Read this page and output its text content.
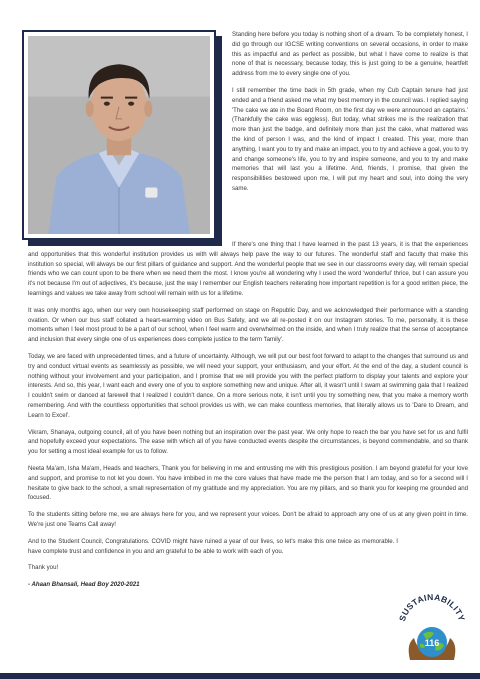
Standing here before you today is nothing short of a dream. To be completely honest, I did go through our IGCSE writing conventions on several occasions, in order to make this as impactful and as perfect as possible, but what I have come to realize is that none of that is necessary, because today, this is just going to be a genuine, heartfelt address from me to every single one of you.

I still remember the time back in 5th grade, when my Cub Captain tenure had just ended and a friend asked me what my best memory in the council was. I replied saying 'The cake we ate in the Board Room, on the first day we were announced an captains.' (Thankfully the cake was eggless). But today, what strikes me is the realization that more than just the badge, and definitely more than just the cake, what mattered was the kind of person I was, and the kind of impact I created. This year, more than anything, I want you to try and make an impact, you to try and achieve a goal, you to try and change someone's life, you to try and inspire someone, and you to try and make memories that will last you a lifetime. And, friends, I promise, that given the responsibilities bestowed upon me, I will put my heart and soul, into doing the very same.

If there's one thing that I have learned in the past 13 years, it is that the experiences and opportunities that this wonderful institution provides us with will always help pave the way to our futures. The wonderful staff and faculty that make this institution so special, will always be our first pillars of guidance and support. And the wonderful people that we see in our classrooms every day, will remain special friends who we can count upon to be there when we need them the most. I know you're all wondering why I used the word 'wonderful' thrice, but I can assure you it's not because I'm out of adjectives, it's because, just the way I remember our English teachers reiterating how important repetition is for a good written piece, the learnings and values we take away from school will remain with us for a lifetime.

It was only months ago, when our very own housekeeping staff performed on stage on Republic Day, and we acknowledged their performance with a standing ovation. Or when our bus staff collated a heart-warming video on Bus Safety, and we all re-posted it on our Instagram stories. To me, personally, it is these moments when I feel most proud to be a part of our school, when I feel warm and overwhelmed on the inside, and when I truly realize that the sense of acceptance and inclusion that every single one of us experiences does complete justice to the term 'family'.

Today, we are faced with unprecedented times, and a future of uncertainty. Although, we will put our best foot forward to adapt to the changes that surround us and try and conduct virtual events as seamlessly as possible, we will need your support, your enthusiasm, and your effort. At the end of the day, a student council is nothing without your involvement and your participation, and I promise that we will provide you with the perfect platform to display your talents and explore your interests. And so, this year, I want each and every one of you to explore something new and unique. After all, it wasn't until I swam at swimming gala that I realized I couldn't swim or danced at farewell that I realized I couldn't dance. On a more serious note, it isn't until you try something new, that you make a memory worth remembering. And with the countless opportunities that school provides us with, we can make countless memories, that literally allows us to 'Dare to Dream, and Learn to Excel'.

Vikram, Shanaya, outgoing council, all of you have been nothing but an inspiration over the past year. We only hope to reach the bar you have set for us and fulfil and hopefully exceed your expectations. The ease with which all of you have conducted events despite the circumstances, is beyond commendable, and so thank you for setting a most ideal example for us to follow.

Neeta Ma'am, Isha Ma'am, Heads and teachers, Thank you for believing in me and entrusting me with this prestigious position. I am beyond grateful for your love and support, and promise to not let you down. You have imbibed in me the core values that have made me the person that I am today, and so for a second will I hesitate to give back to the school, a small representation of my gratitude and my appreciation. You are my pillars, and so thank you for keeping me grounded and focused.

To the students sitting before me, we are always here for you, and we represent your voices. Don't be afraid to approach any one of us at any given point in time. We're just one Teams Call away!

And to the Student Council, Congratulations. COVID might have ruined a year of our lives, so let's make this one twice as memorable. I have complete trust and confidence in you and am grateful to be able to work with each of you.

Thank you!

- Ahaan Bhansali, Head Boy 2020-2021

SUSTAINABILITY
116
